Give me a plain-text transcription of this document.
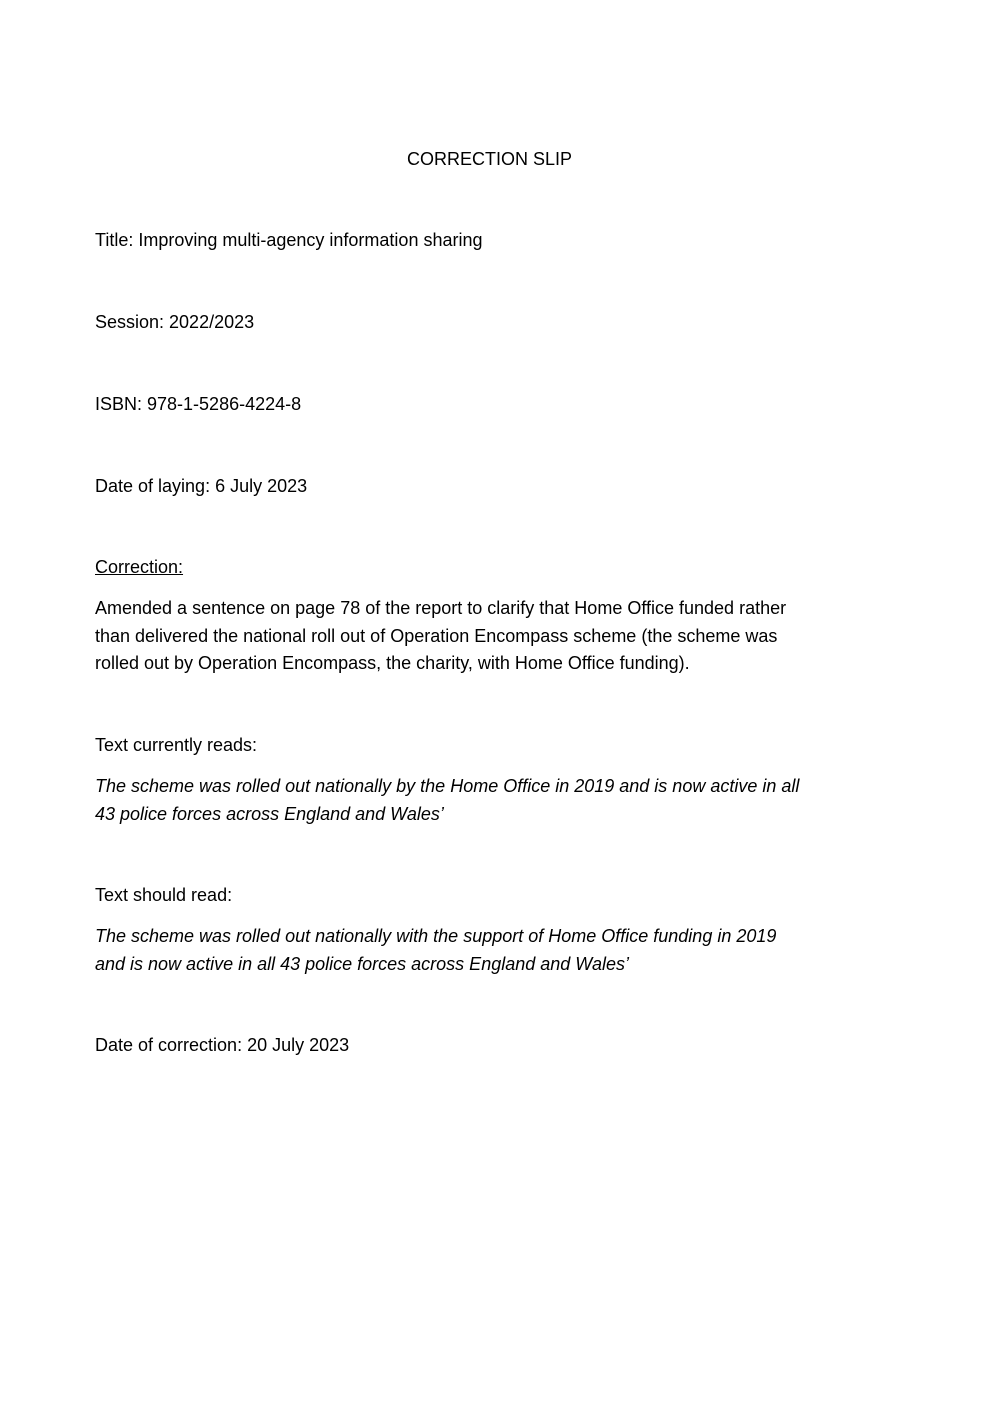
CORRECTION SLIP
Title: Improving multi-agency information sharing
Session: 2022/2023
ISBN: 978-1-5286-4224-8
Date of laying: 6 July 2023
Correction:
Amended a sentence on page 78 of the report to clarify that Home Office funded rather
than delivered the national roll out of Operation Encompass scheme (the scheme was
rolled out by Operation Encompass, the charity, with Home Office funding).
Text currently reads:
The scheme was rolled out nationally by the Home Office in 2019 and is now active in all
43 police forces across England and Wales’
Text should read:
The scheme was rolled out nationally with the support of Home Office funding in 2019
and is now active in all 43 police forces across England and Wales’
Date of correction: 20 July 2023
